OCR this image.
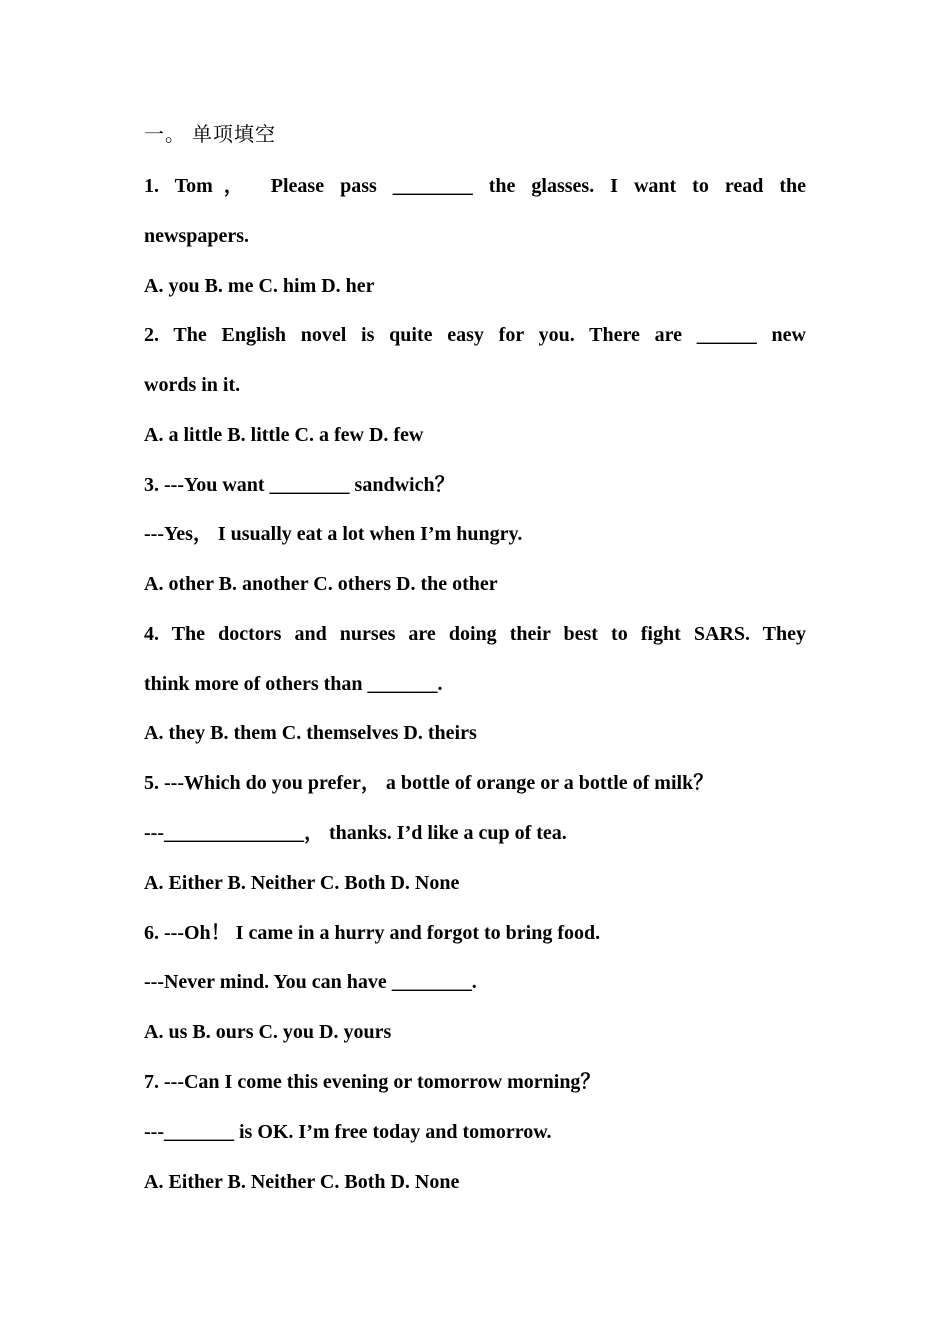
一。 单项填空
1. Tom， Please pass ________ the glasses. I want to read the
newspapers.
A. you B. me C. him D. her
2. The English novel is quite easy for you. There are ______ new
words in it.
A. a little B. little C. a few D. few
3. ---You want ________ sandwich？
---Yes， I usually eat a lot when I’m hungry.
A. other B. another C. others D. the other
4. The doctors and nurses are doing their best to fight SARS. They
think more of others than _______.
A. they B. them C. themselves D. theirs
5. ---Which do you prefer， a bottle of orange or a bottle of milk？
---______________， thanks. I’d like a cup of tea.
A. Either B. Neither C. Both D. None
6. ---Oh！ I came in a hurry and forgot to bring food.
---Never mind. You can have ________.
A. us B. ours C. you D. yours
7. ---Can I come this evening or tomorrow morning？
---_______ is OK. I’m free today and tomorrow.
A. Either B. Neither C. Both D. None
